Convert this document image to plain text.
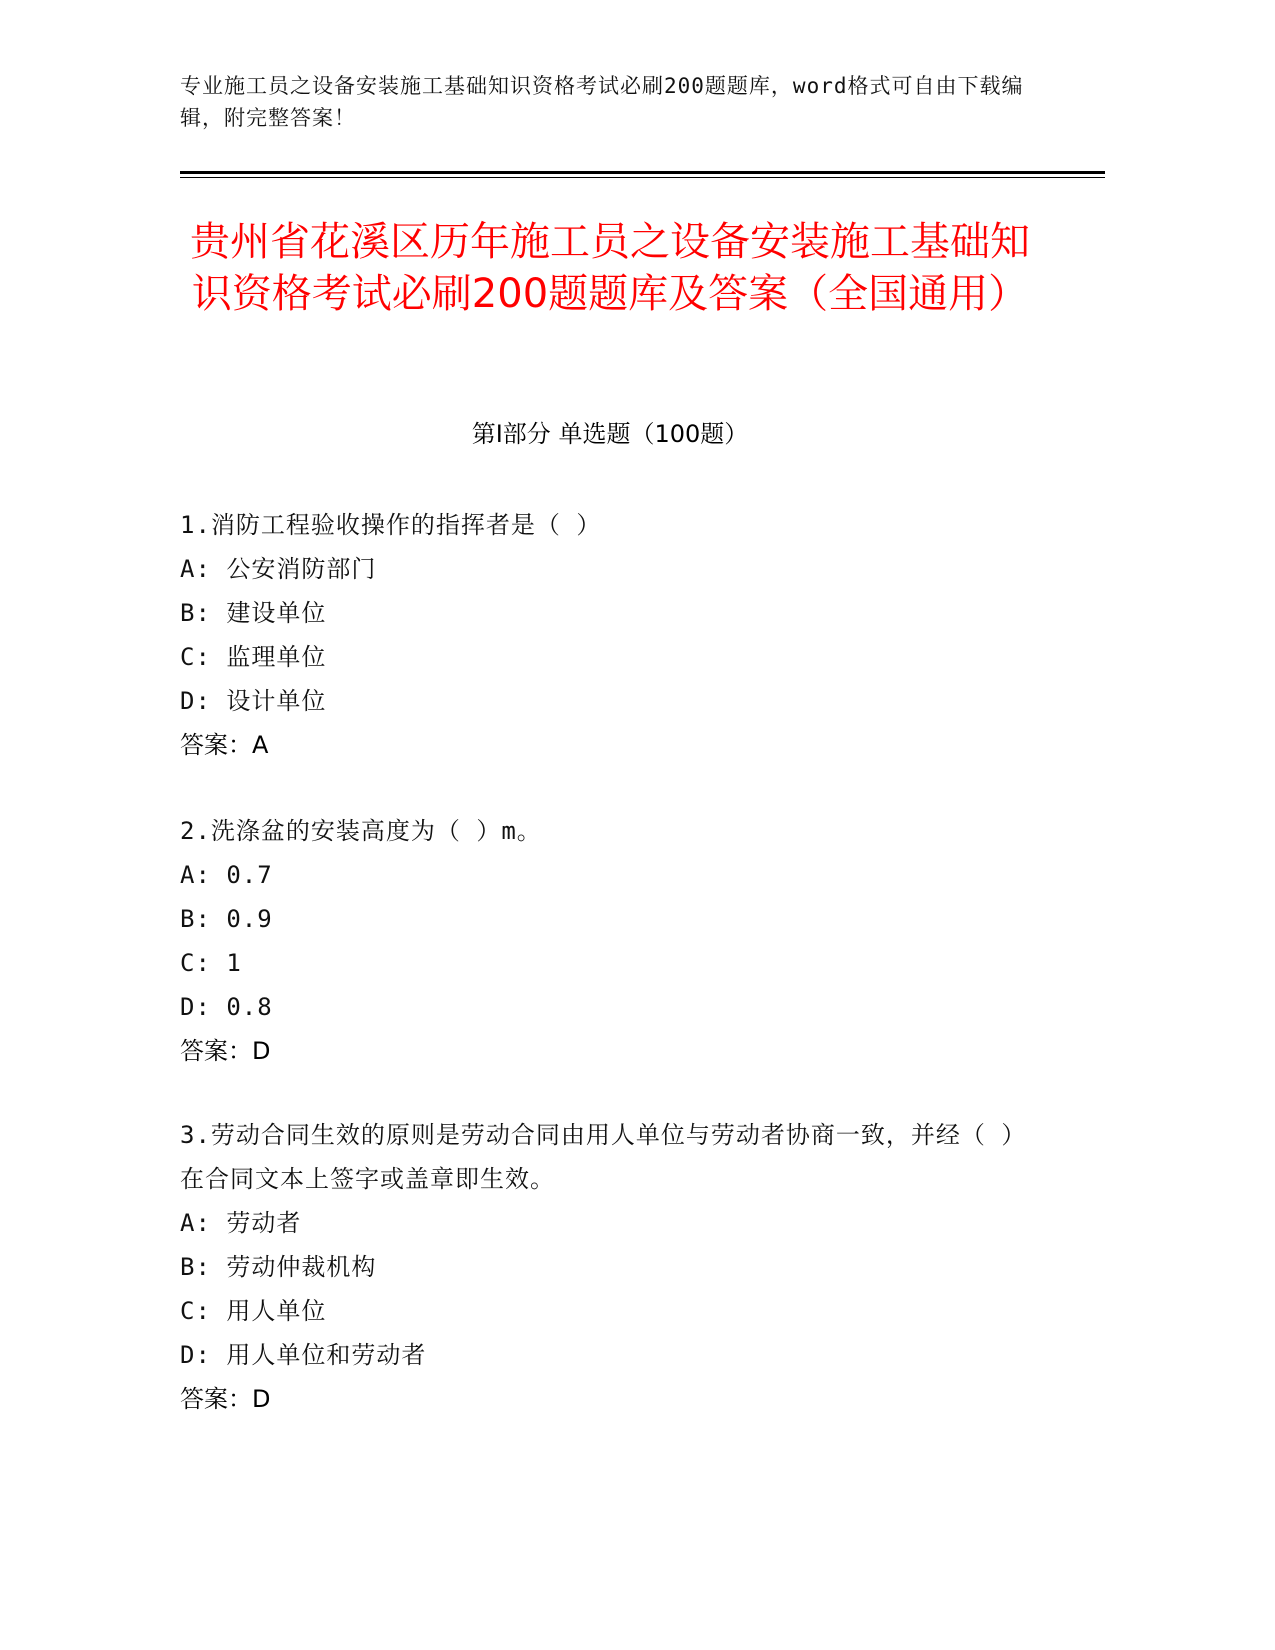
专业施工员之设备安装施工基础知识资格考试必刷200题题库，word格式可自由下载编辑，附完整答案！
贵州省花溪区历年施工员之设备安装施工基础知识资格考试必刷200题题库及答案（全国通用）
第Ⅰ部分 单选题（100题）
1.消防工程验收操作的指挥者是（ ）
A: 公安消防部门
B: 建设单位
C: 监理单位
D: 设计单位
答案：A
2.洗涤盆的安装高度为（ ）m。
A: 0.7
B: 0.9
C: 1
D: 0.8
答案：D
3.劳动合同生效的原则是劳动合同由用人单位与劳动者协商一致，并经（ ）在合同文本上签字或盖章即生效。
A: 劳动者
B: 劳动仲裁机构
C: 用人单位
D: 用人单位和劳动者
答案：D
